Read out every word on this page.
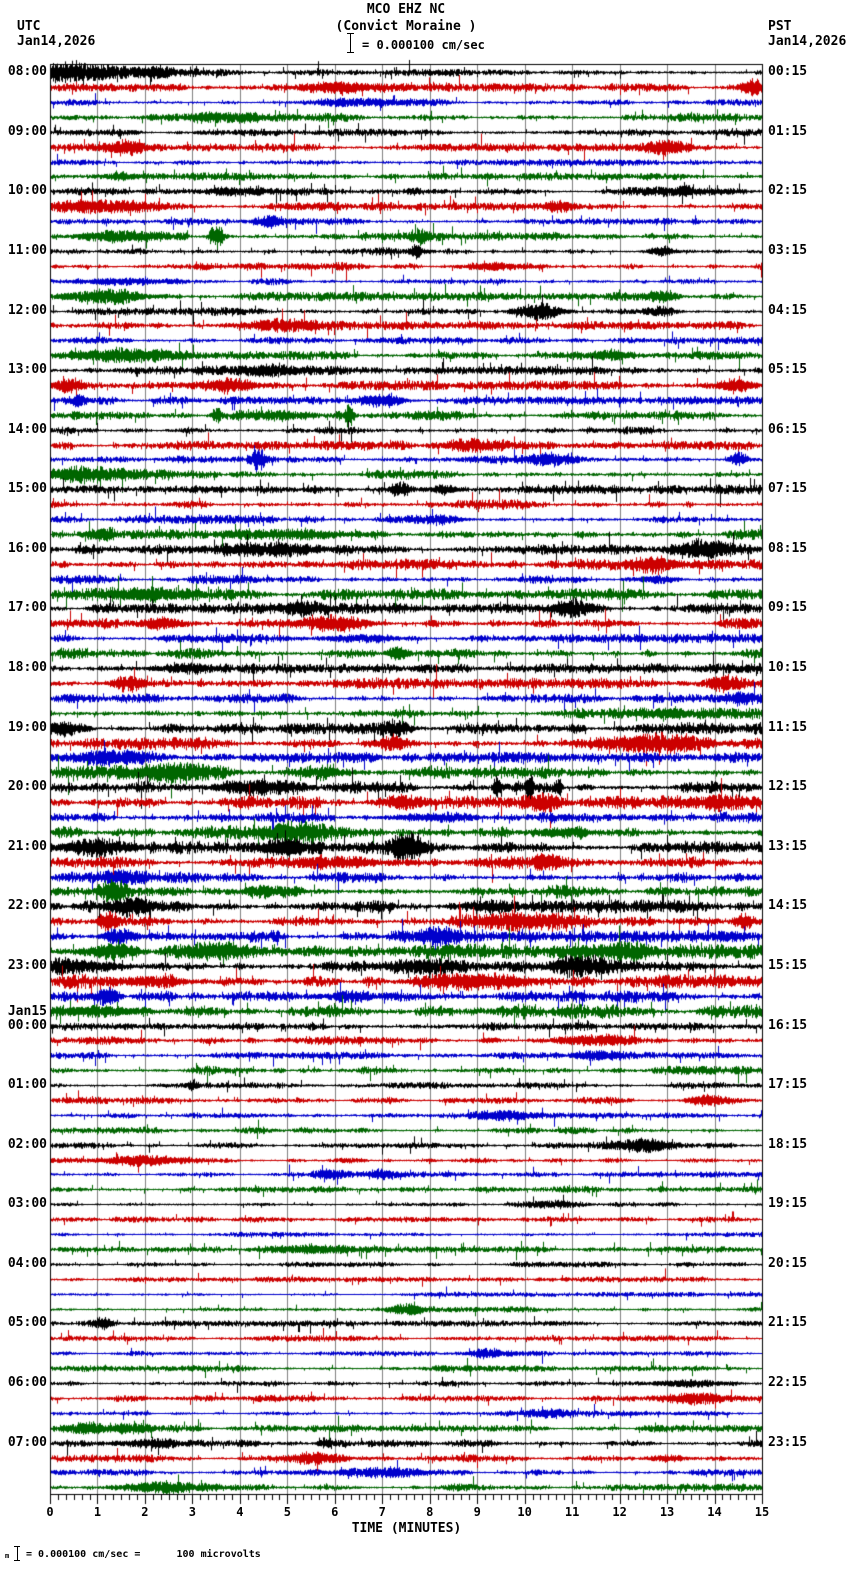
MCO EHZ NC
(Convict Moraine )
UTC
Jan14,2026
PST
Jan14,2026
= 0.000100 cm/sec
08:00
09:00
10:00
11:00
12:00
13:00
14:00
15:00
16:00
17:00
18:00
19:00
20:00
21:00
22:00
23:00
00:00
Jan15
01:00
02:00
03:00
04:00
05:00
06:00
07:00
00:15
01:15
02:15
03:15
04:15
05:15
06:15
07:15
08:15
09:15
10:15
11:15
12:15
13:15
14:15
15:15
16:15
17:15
18:15
19:15
20:15
21:15
22:15
23:15
0	1	2	3	4	5	6	7	8	9	10	11	12	13	14	15
TIME (MINUTES)
m = 0.000100 cm/sec =      100 microvolts
